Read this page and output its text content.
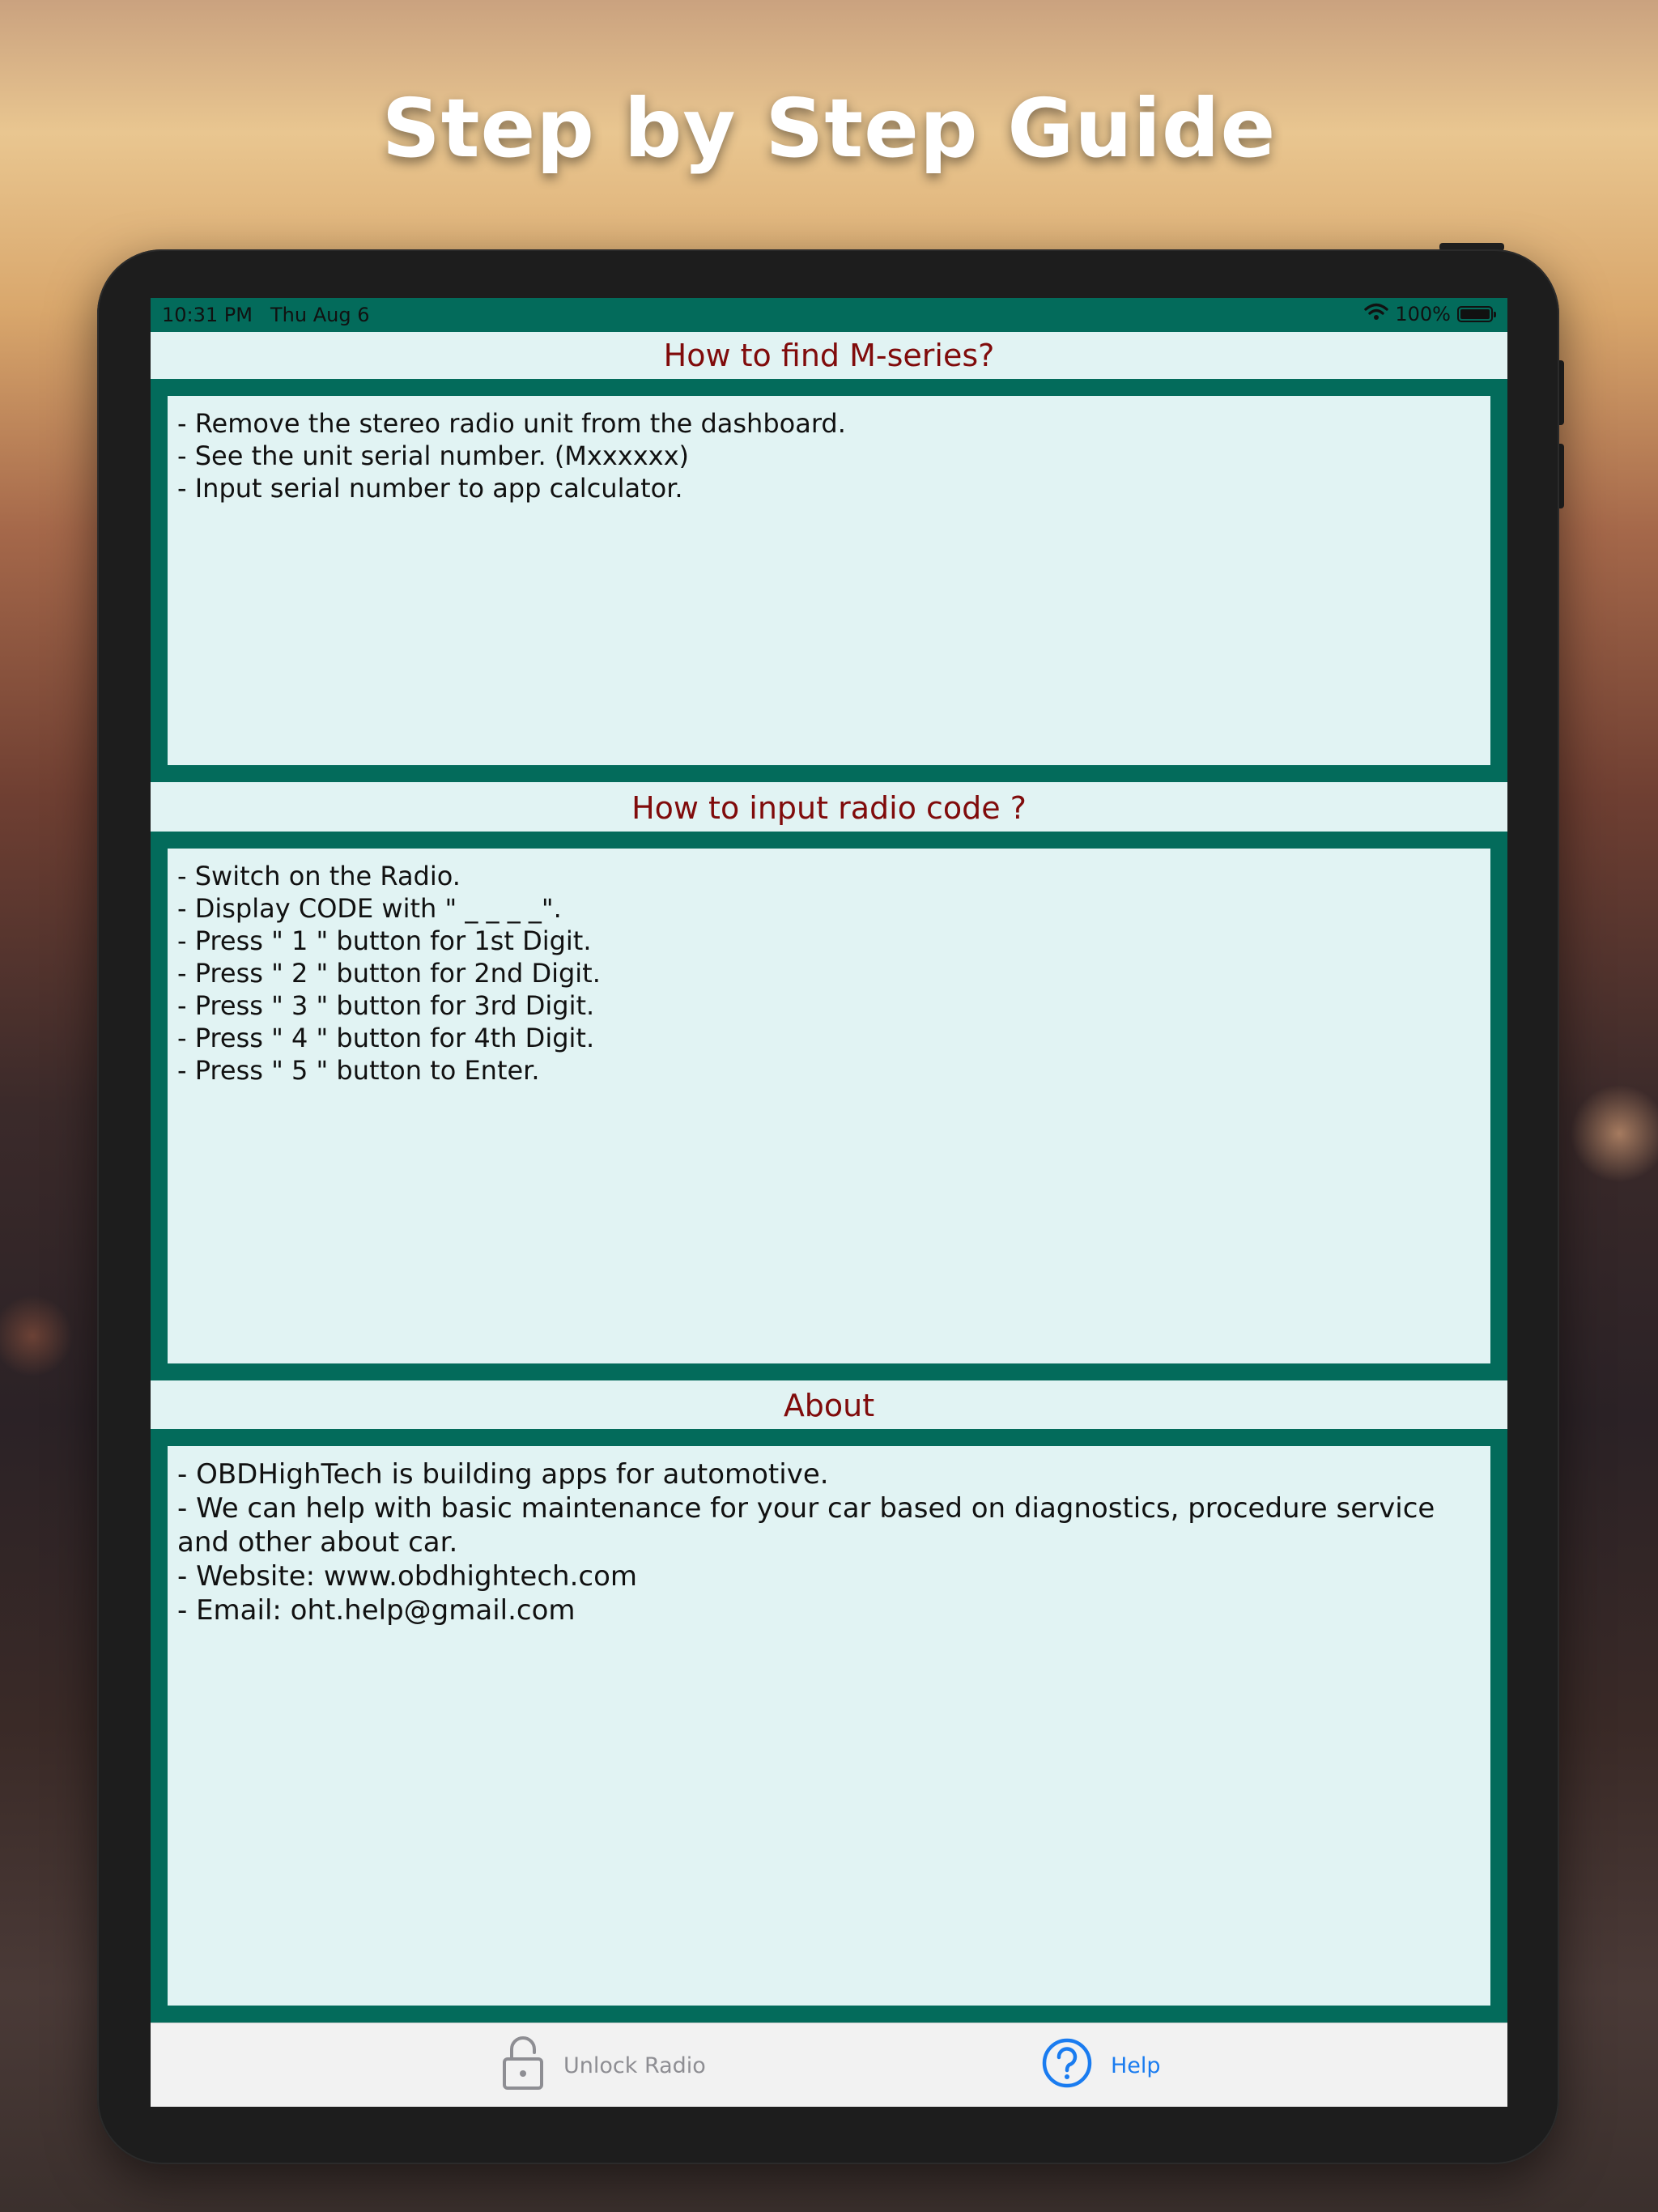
Step by Step Guide
10:31 PM Thu Aug 6	100%
How to find M-series?
- Remove the stereo radio unit from the dashboard.
- See the unit serial number. (Mxxxxxx)
- Input serial number to app calculator.
How to input radio code ?
- Switch on the Radio.
- Display CODE with " _ _ _ _".
- Press " 1 " button for 1st Digit.
- Press " 2 " button for 2nd Digit.
- Press " 3 " button for 3rd Digit.
- Press " 4 " button for 4th Digit.
- Press " 5 " button to Enter.
About
- OBDHighTech is building apps for automotive.
- We can help with basic maintenance for your car based on diagnostics, procedure service and other about car.
- Website: www.obdhightech.com
- Email: oht.help@gmail.com
Unlock Radio	Help
